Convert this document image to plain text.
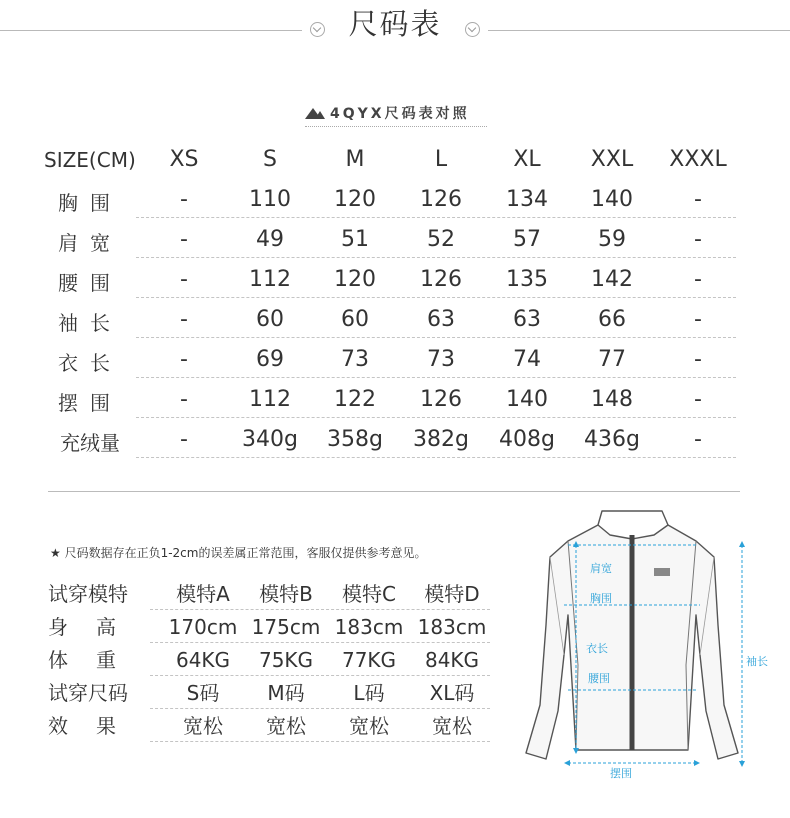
尺码表
4QYX尺码表对照
SIZE(CM)	XS	S	M	L	XL	XXL	XXXL
胸围	-	110	120	126	134	140	-
肩宽	-	49	51	52	57	59	-
腰围	-	112	120	126	135	142	-
袖长	-	60	60	63	63	66	-
衣长	-	69	73	73	74	77	-
摆围	-	112	122	126	140	148	-
充绒量	-	340g	358g	382g	408g	436g	-
★ 尺码数据存在正负1-2cm的误差属正常范围，客服仅提供参考意见。
试穿模特	模特A	模特B	模特C	模特D
身高	170cm 175cm 183cm 183cm
体重	64KG	75KG	77KG	84KG
试穿尺码	S码	M码	L码	XL码
效果	宽松	宽松	宽松	宽松
肩宽
胸围
衣长
腰围
袖长
摆围
